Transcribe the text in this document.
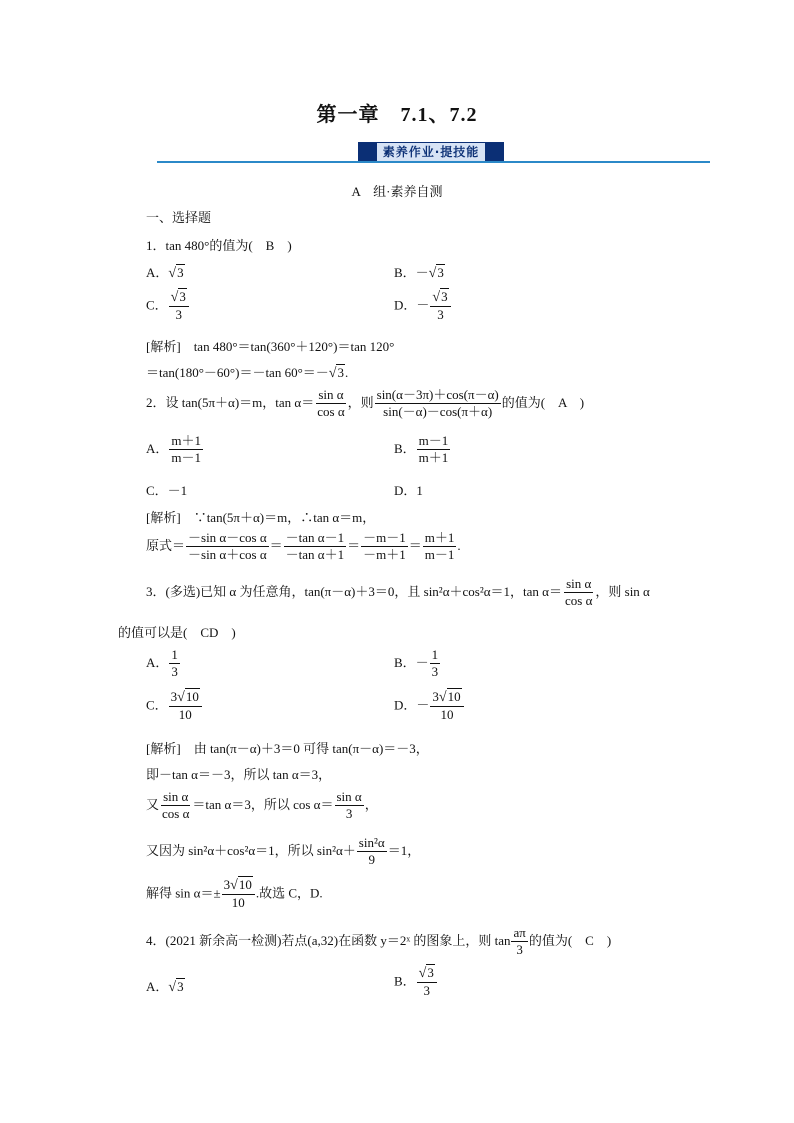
第一章　7.1、7.2
素养作业·提技能
A　组·素养自测
一、选择题
1．tan 480°的值为(　B　)
A．√3	B．－√3
C． $\frac{√3}{3}$	D．－ $\frac{√3}{3}$
[解析]　 tan 480°＝tan(360°＋120°)＝tan 120°
＝tan(180°－60°)＝－tan 60°＝－√3.
2．设 tan(5π＋α)＝m，$\tan \alpha= \frac{\text{sin α}}{\text{cos α}}$ ，则 $\frac{\sin(\alpha-3\pi)+\cos(\pi-\alpha)}{\sin(-\alpha)-\cos(\pi+\alpha)}$ 的值为(　A　)
A． $\frac{m+1}{m-1}$	B． $\frac{m-1}{m+1}$
C．－1	D．1
[解析]　 ∵tan(5π＋α)＝m，∴tan α＝m，
原式＝ $\frac{\text{－sin α－cos α}}{\text{－sin α＋cos α}} = \frac{\text{－tan α－1}}{\text{－tan α＋1}} = \frac{-m-1}{-m+1} = \frac{m+1}{m-1}$ .
3．(多选)已知 α 为任意角，tan(π－α)＋3＝0，且 sin²α＋cos²α＝1，$\tan \alpha= \frac{\text{sin α}}{\text{cos α}}$ ，则 sin α
的值可以是(　CD　)
A． $\frac{1}{3}$	B．－ $\frac{1}{3}$
C． $\frac{3√10}{10}$	D．－ $\frac{3√10}{10}$
[解析]　 由 tan(π－α)＋3＝0 可得 tan(π－α)＝－3，
即－tan α＝－3，所以 tan α＝3，
又 $\frac{\text{sin α}}{\text{cos α}} =\tan$ α＝3，所以 $\cos \alpha= \frac{\text{sin α}}{3}$ ，
又因为 sin²α＋cos²α＝1，所以 $\sin^2\alpha+ \frac{\text{sin²α}}{9} =1$，
解得 $\sin \alpha=\pm \frac{3√10}{10}$ .故选 C，D.
4．(2021 新余高一检测)若点(a,32)在函数 y＝2ˣ 的图象上，则 $\tan \frac{a\pi}{3}$ 的值为(　C　)
A．√3	B． $\frac{√3}{3}$
